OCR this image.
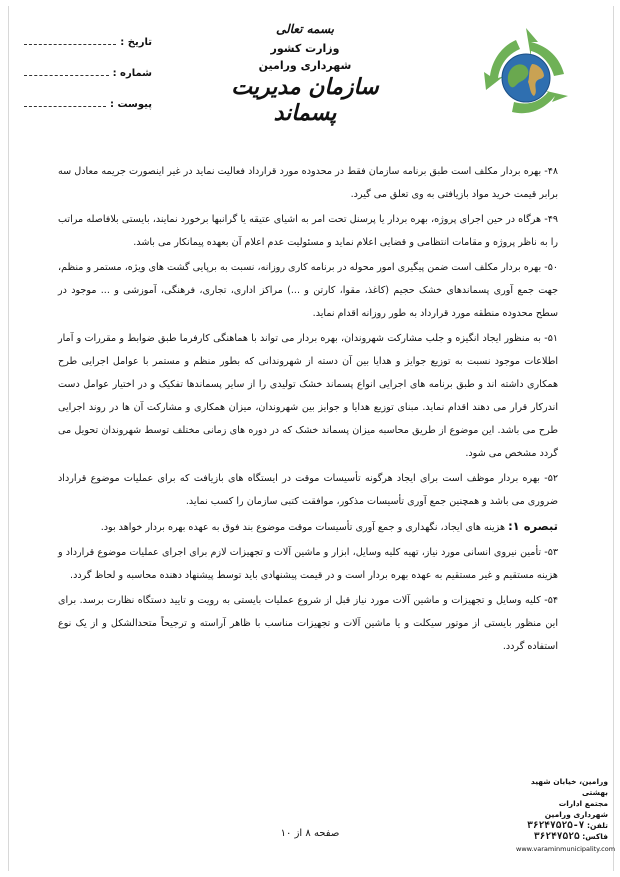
تاریخ :
شماره :
پیوست :
بسمه تعالی
وزارت کشور
شهرداری ورامین
سازمان مدیریت پسماند

۴۸- بهره بردار مکلف است طبق برنامه سازمان فقط در محدوده مورد قرارداد فعالیت نماید در غیر اینصورت جریمه معادل سه برابر قیمت خرید مواد بازیافتی به وی تعلق می گیرد.

۴۹- هرگاه در حین اجرای پروژه، بهره بردار یا پرسنل تحت امر به اشیای عتیقه یا گرانبها برخورد نمایند، بایستی بلافاصله مراتب را به ناظر پروژه و مقامات انتظامی و قضایی اعلام نماید و مسئولیت عدم اعلام آن بعهده پیمانکار می باشد.

۵۰- بهره بردار مکلف است ضمن پیگیری امور محوله در برنامه کاری روزانه، نسبت به برپایی گشت های ویژه، مستمر و منظم، جهت جمع آوری پسماندهای خشک حجیم (کاغذ، مقوا، کارتن و ...) مراکز اداری، تجاری، فرهنگی، آموزشی و ... موجود در سطح محدوده منطقه مورد قرارداد به طور روزانه اقدام نماید.

۵۱- به منظور ایجاد انگیزه و جلب مشارکت شهروندان، بهره بردار می تواند با هماهنگی کارفرما طبق ضوابط و مقررات و آمار اطلاعات موجود نسبت به توزیع جوایز و هدایا بین آن دسته از شهروندانی که بطور منظم و مستمر با عوامل اجرایی طرح همکاری داشته اند و طبق برنامه های اجرایی انواع پسماند خشک تولیدی را از سایر پسماندها تفکیک و در اختیار عوامل دست اندرکار قرار می دهند اقدام نماید. مبنای توزیع هدایا و جوایز بین شهروندان، میزان همکاری و مشارکت آن ها در روند اجرایی طرح می باشد. این موضوع از طریق محاسبه میزان پسماند خشک که در دوره های زمانی مختلف توسط شهروندان تحویل می گردد مشخص می شود.

۵۲- بهره بردار موظف است برای ایجاد هرگونه تأسیسات موقت در ایستگاه های بازیافت که برای عملیات موضوع قرارداد ضروری می باشد و همچنین جمع آوری تأسیسات مذکور، موافقت کتبی سازمان را کسب نماید.

تبصره ۱: هزینه های ایجاد، نگهداری و جمع آوری تأسیسات موقت موضوع بند فوق به عهده بهره بردار خواهد بود.

۵۳- تأمین نیروی انسانی مورد نیاز، تهیه کلیه وسایل، ابزار و ماشین آلات و تجهیزات لازم برای اجرای عملیات موضوع قرارداد و هزینه مستقیم و غیر مستقیم به عهده بهره بردار است و در قیمت پیشنهادی باید توسط پیشنهاد دهنده محاسبه و لحاظ گردد.

۵۴- کلیه وسایل و تجهیزات و ماشین آلات مورد نیاز قبل از شروع عملیات بایستی به رویت و تایید دستگاه نظارت برسد. برای این منظور بایستی از موتور سیکلت و یا ماشین آلات و تجهیزات مناسب با ظاهر آراسته و ترجیحاً متحدالشکل و از یک نوع استفاده گردد.

ورامین، خیابان شهید بهشتی
مجتمع ادارات
شهرداری ورامین
تلفن: ۳۶۲۴۷۵۲۵-۷
فاکس: ۳۶۲۴۷۵۲۵
www.varaminmunicipality.com
صفحه ۸ از ۱۰
